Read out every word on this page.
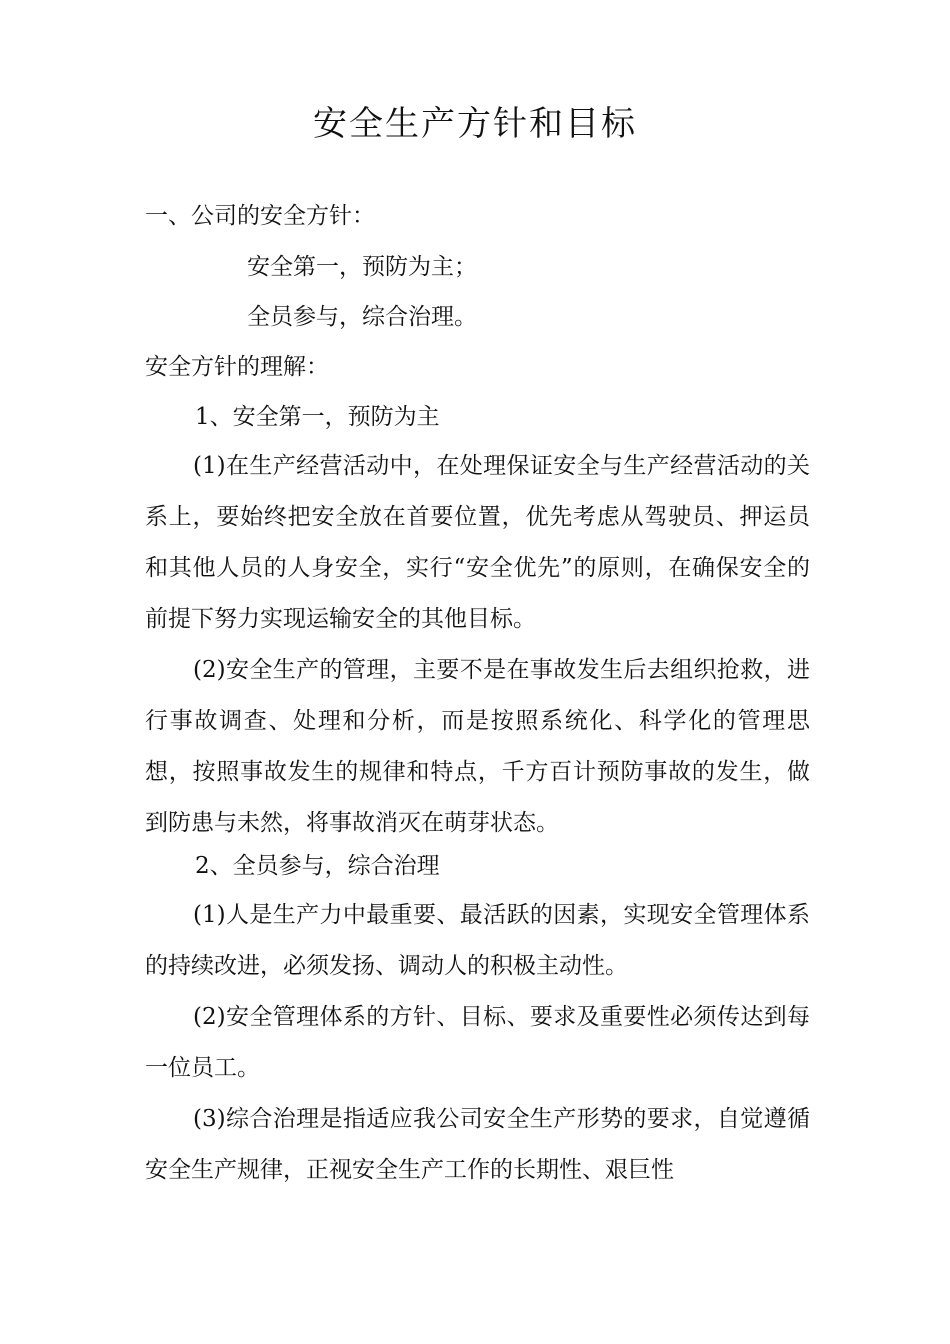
安全生产方针和目标

一、公司的安全方针：

安全第一，预防为主；

全员参与，综合治理。

安全方针的理解：

1、安全第一，预防为主

(1)在生产经营活动中，在处理保证安全与生产经营活动的关系上，要始终把安全放在首要位置，优先考虑从驾驶员、押运员和其他人员的人身安全，实行“安全优先”的原则，在确保安全的前提下努力实现运输安全的其他目标。

(2)安全生产的管理，主要不是在事故发生后去组织抢救，进行事故调查、处理和分析，而是按照系统化、科学化的管理思想，按照事故发生的规律和特点，千方百计预防事故的发生，做到防患与未然，将事故消灭在萌芽状态。

2、全员参与，综合治理

(1)人是生产力中最重要、最活跃的因素，实现安全管理体系的持续改进，必须发扬、调动人的积极主动性。

(2)安全管理体系的方针、目标、要求及重要性必须传达到每一位员工。

(3)综合治理是指适应我公司安全生产形势的要求，自觉遵循安全生产规律，正视安全生产工作的长期性、艰巨性
